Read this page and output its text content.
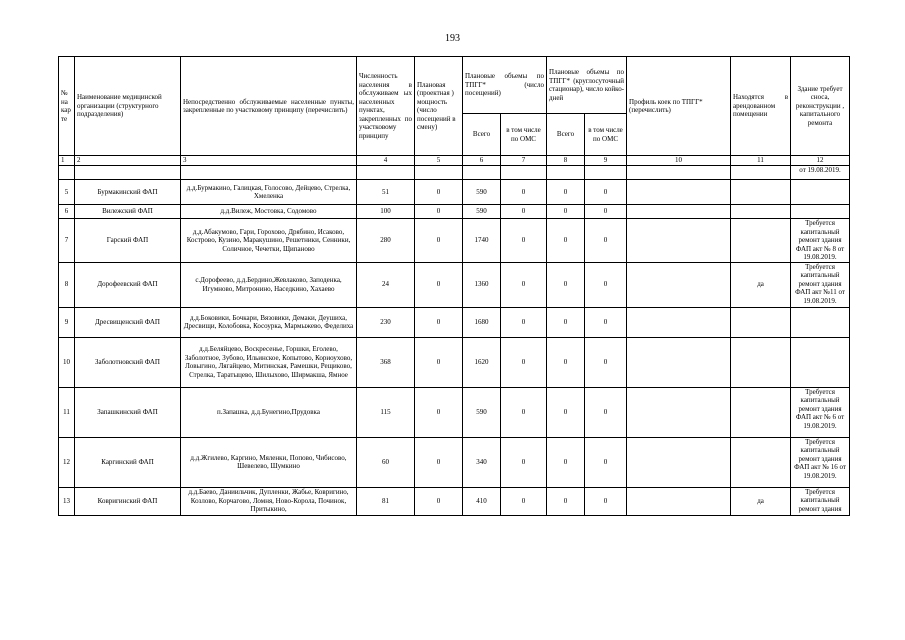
193
№ на кар те	Наименование медицинской организации (структурного подразделения)	Непосредственно обслуживаемые населенные пункты, закрепленные по участковому принципу (перечислить)	Численность населения в обслуживаем ых населенных пунктах, закрепленных по участковому принципу	Плановая (проектная ) мощность (число посещений в смену)	Плановые объемы по ТПГГ* (число посещений)		Плановые объемы по ТПГГ* (круглосуточный стационар), число койко-дней		Профиль коек по ТПГГ* (перечислить)	Находятся в арендованном помещении	Здание требует сноса, реконструкции , капитального ремонта
					Всего	в том числе по ОМС	Всего	в том числе по ОМС			
1	2	3	4	5	6	7	8	9	10	11	12
											от 19.08.2019.
5	Бурмакинский ФАП	д.д.Бурмакино, Галицкая, Голосово, Дейцево, Стрелка, Хмеленка	51	0	590	0	0	0			
6	Вилежский ФАП	д.д.Вилеж, Мостовка, Содомово	100	0	590	0	0	0			
7	Гарский ФАП	д.д.Абакумово, Гари, Горохово, Дрябино, Исаково, Кострово, Кузино, Маракушино, Решетники, Сенники, Соличное, Чечетки, Щипаново	280	0	1740	0	0	0			Требуется капитальный ремонт здания ФАП акт № 8 от 19.08.2019.
8	Дорофеевский ФАП	с.Дорофеево, д.д.Бердино,Жевлаково, Заподенка, Игумново, Митронино, Наседкино, Хахаево	24	0	1360	0	0	0		да	Требуется капитальный ремонт здания ФАП акт №11 от 19.08.2019.
9	Дресвищенский ФАП	д.д.Боковики, Бочкари, Вязовики, Демаки, Деушиха, Дресвищи, Колобовка, Косоурка, Мармыжево, Феделиха	230	0	1680	0	0	0			
10	Заболотновский ФАП	д.д.Беляйцево, Воскресенье, Горшки, Еголево, Заболотное, Зубово, Ильинское, Копытово, Кориоухово, Ловыгино, Лягайцево, Митинская, Рамешки, Рещиково, Стрелка, Таратыцево, Шилыхово, Ширмакша, Ямное	368	0	1620	0	0	0			
11	Запашкинский ФАП	п.Запашка, д.д.Бунегино,Прудовка	115	0	590	0	0	0			Требуется капитальный ремонт здания ФАП акт № 6 от 19.08.2019.
12	Каргинский ФАП	д.д.Жгилево, Каргино, Мяленки, Попово, Чибисово, Шевелево, Шумкино	60	0	340	0	0	0			Требуется капитальный ремонт здания ФАП акт № 16 от 19.08.2019.
13	Ковригинский ФАП	д.д.Баево, Даниильчик, Дупленки, Жабье, Ковригино, Козлово, Корчагово, Ломня, Ново-Корола, Починок, Притыкино,	81	0	410	0	0	0		да	Требуется капитальный ремонт здания
